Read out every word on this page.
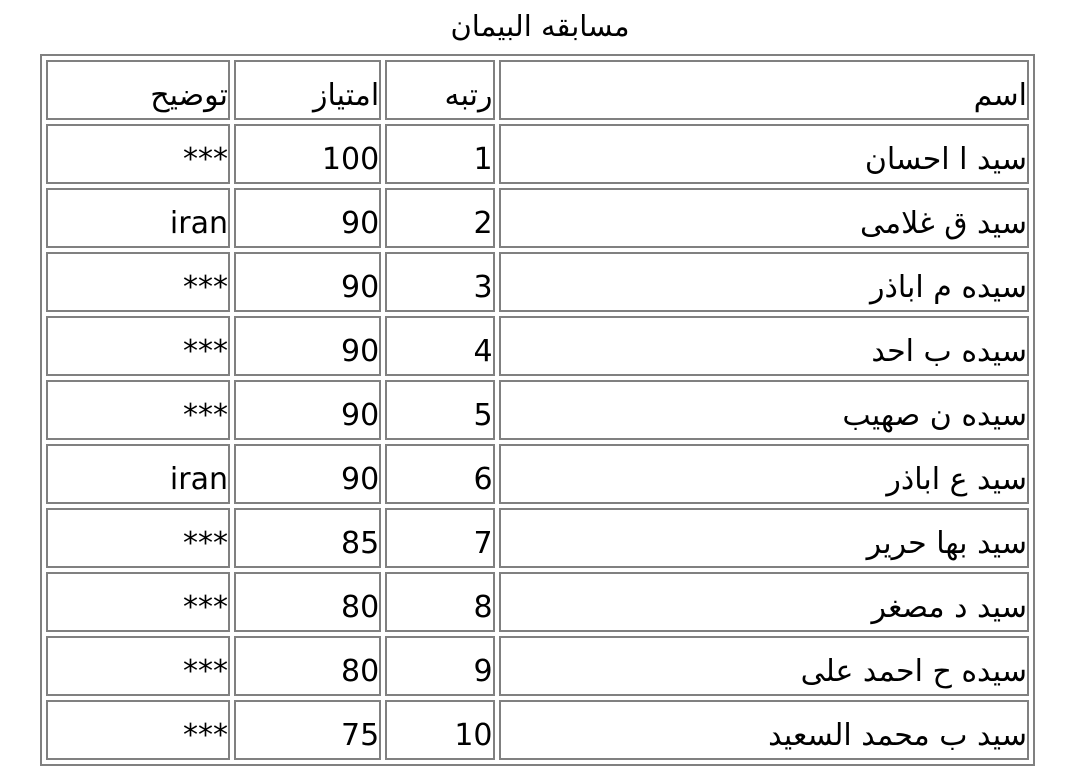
مسابقه البيمان
اسم	رتبه	امتیاز	توضیح
سيد ا احسان	1	100	***
سيد ق غلامی	2	90	iran
سيده م اباذر	3	90	***
سيده ب احد	4	90	***
سيده ن صهيب	5	90	***
سيد ع اباذر	6	90	iran
سيد بها حرير	7	85	***
سيد د مصغر	8	80	***
سيده ح احمد على	9	80	***
سيد ب محمد السعيد	10	75	***
